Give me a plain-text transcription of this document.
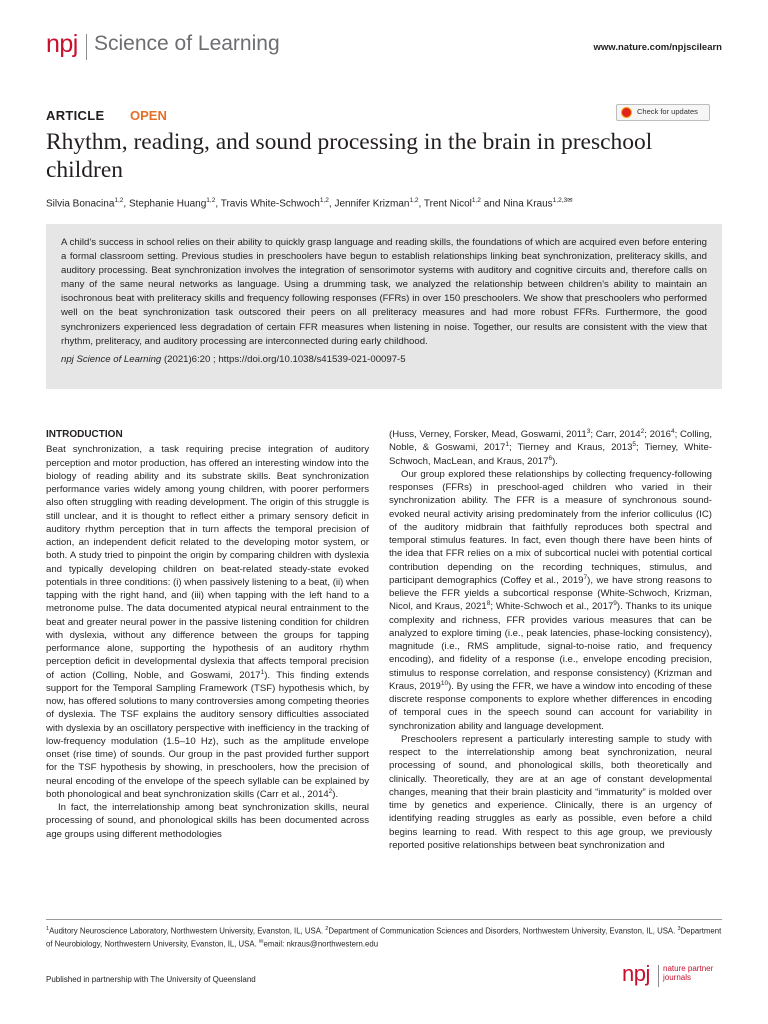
npj Science of Learning	www.nature.com/npjscilearn
ARTICLE OPEN	Check for updates
Rhythm, reading, and sound processing in the brain in preschool children
Silvia Bonacina$^{1,2}$, Stephanie Huang$^{1,2}$, Travis White-Schwoch$^{1,2}$, Jennifer Krizman$^{1,2}$, Trent Nicol$^{1,2}$ and Nina Kraus$^{1,2,3✉}$

A child’s success in school relies on their ability to quickly grasp language and reading skills, the foundations of which are acquired even before entering a formal classroom setting. Previous studies in preschoolers have begun to establish relationships linking beat synchronization, preliteracy skills, and auditory processing. Beat synchronization involves the integration of sensorimotor systems with auditory and cognitive circuits and, therefore calls on many of the same neural networks as language. Using a drumming task, we analyzed the relationship between children’s ability to maintain an isochronous beat with preliteracy skills and frequency following responses (FFRs) in over 150 preschoolers. We show that preschoolers who performed well on the beat synchronization task outscored their peers on all preliteracy measures and had more robust FFRs. Furthermore, the good synchronizers experienced less degradation of certain FFR measures when listening in noise. Together, our results are consistent with the view that rhythm, preliteracy, and auditory processing are interconnected during early childhood.

npj Science of Learning (2021)6:20 ; https://doi.org/10.1038/s41539-021-00097-5

INTRODUCTION

Beat synchronization, a task requiring precise integration of auditory perception and motor production, has offered an interesting window into the biology of reading ability and its substrate skills. Beat synchronization performance varies widely among young children, with poorer performers also often struggling with reading development. The origin of this struggle is still unclear, and it is thought to reflect either a primary sensory deficit in auditory rhythm perception that in turn affects the temporal precision of action, an independent deficit related to the developing motor system, or both. A study tried to pinpoint the origin by comparing children with dyslexia and typically developing children on beat-related steady-state evoked potentials in three conditions: (i) when passively listening to a beat, (ii) when tapping with the right hand, and (iii) when tapping with the left hand to a metronome pulse. The data documented atypical neural entrainment to the beat and greater neural power in the passive listening condition for children with dyslexia, without any difference between the groups for tapping performance alone, supporting the hypothesis of an auditory rhythm perception deficit in developmental dyslexia that affects temporal precision of action (Colling, Noble, and Goswami, 2017$^1$). This finding extends support for the Temporal Sampling Framework (TSF) hypothesis which, by now, has offered solutions to many controversies among competing theories of dyslexia. The TSF explains the auditory sensory difficulties associated with dyslexia by an oscillatory perspective with inefficiency in the tracking of low-frequency modulation (1.5–10 Hz), such as the amplitude envelope onset (rise time) of sounds. Our group in the past provided further support for the TSF hypothesis by showing, in preschoolers, how the precision of neural encoding of the envelope of the speech syllable can be explained by both phonological and beat synchronization skills (Carr et al., 2014$^2$).

In fact, the interrelationship among beat synchronization skills, neural processing of sound, and phonological skills has been documented across age groups using different methodologies

(Huss, Verney, Forsker, Mead, Goswami, 2011$^3$; Carr, 2014$^2$; 2016$^4$; Colling, Noble, & Goswami, 2017$^1$; Tierney and Kraus, 2013$^5$; Tierney, White-Schwoch, MacLean, and Kraus, 2017$^6$).

Our group explored these relationships by collecting frequency-following responses (FFRs) in preschool-aged children who varied in their synchronization ability. The FFR is a measure of synchronous sound-evoked neural activity arising predominately from the inferior colliculus (IC) of the auditory midbrain that faithfully reproduces both spectral and temporal stimulus features. In fact, even though there have been hints of the idea that FFR relies on a mix of subcortical nuclei with potential cortical contribution depending on the recording techniques, stimulus, and participant demographics (Coffey et al., 2019$^7$), we have strong reasons to believe the FFR yields a subcortical response (White-Schwoch, Krizman, Nicol, and Kraus, 2021$^8$; White-Schwoch et al., 2017$^9$). Thanks to its unique complexity and richness, FFR provides various measures that can be analyzed to explore timing (i.e., peak latencies, phase-locking consistency), magnitude (i.e., RMS amplitude, signal-to-noise ratio, and frequency encoding), and fidelity of a response (i.e., envelope encoding precision, stimulus to response correlation, and response consistency) (Krizman and Kraus, 2019$^{10}$). By using the FFR, we have a window into encoding of these discrete response components to explore whether differences in encoding of temporal cues in the speech sound can account for variability in synchronization ability and language development.

Preschoolers represent a particularly interesting sample to study with respect to the interrelationship among beat synchronization, neural processing of sound, and phonological skills, both theoretically and clinically. Theoretically, they are at an age of constant developmental changes, meaning that their brain plasticity and “immaturity” is molded over time by genetics and experience. Clinically, there is an urgency of identifying reading struggles as early as possible, even before a child begins learning to read. With respect to this age group, we previously reported positive relationships between beat synchronization and

$^1$Auditory Neuroscience Laboratory, Northwestern University, Evanston, IL, USA. $^2$Department of Communication Sciences and Disorders, Northwestern University, Evanston, IL, USA. $^3$Department of Neurobiology, Northwestern University, Evanston, IL, USA. ✉email: nkraus@northwestern.edu
Published in partnership with The University of Queensland	npj nature partner
journals
